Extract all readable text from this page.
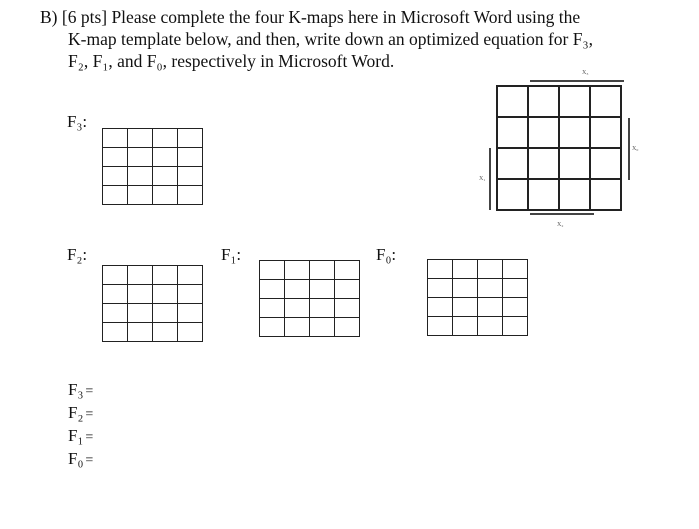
B) [6 pts] Please complete the four K-maps here in Microsoft Word using the
K-map template below, and then, write down an optimized equation for F₃,
F₂, F₁, and F₀, respectively in Microsoft Word.

X₃
X₂
X₁
X₀
F₃:

F₂:

				F₁:

				F₀:

F₃ =
F₂ =
F₁ =
F₀ =
